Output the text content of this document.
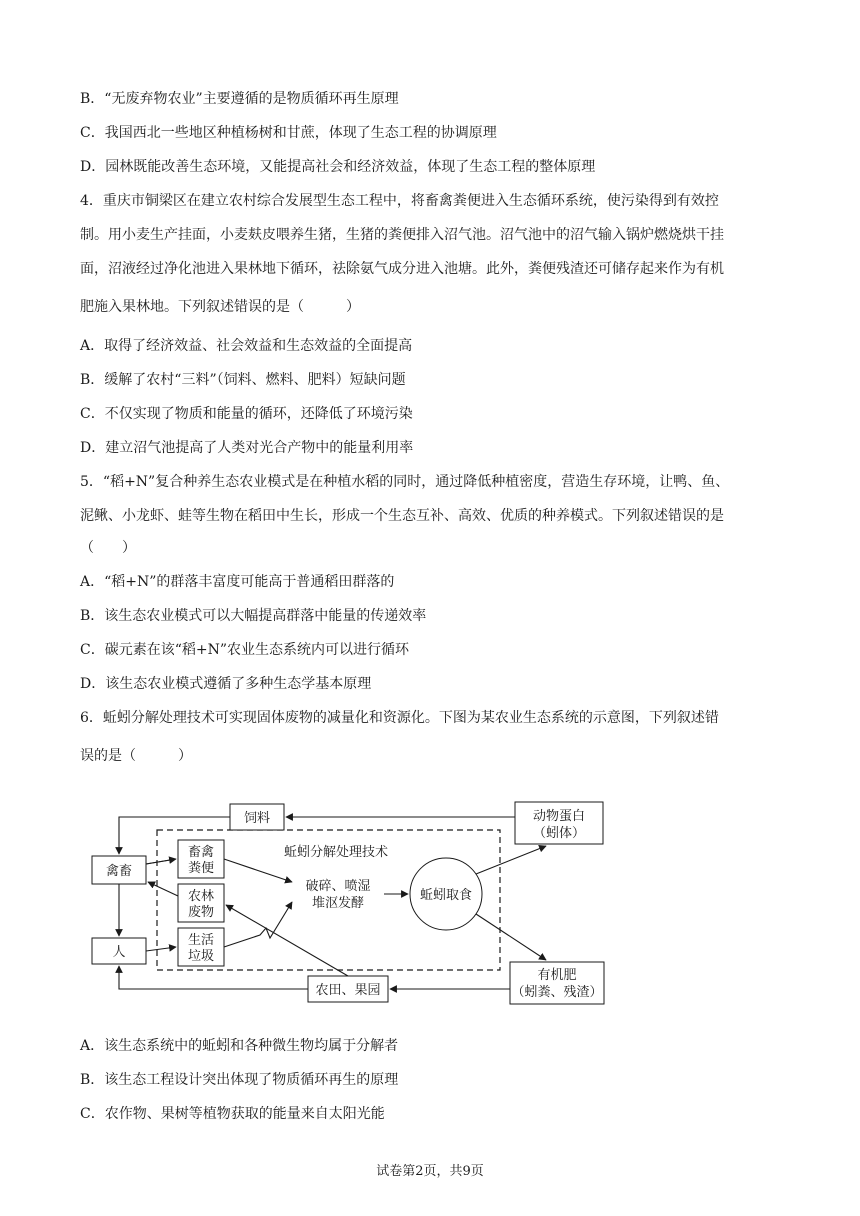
B．“无废弃物农业”主要遵循的是物质循环再生原理
C．我国西北一些地区种植杨树和甘蔗，体现了生态工程的协调原理
D．园林既能改善生态环境，又能提高社会和经济效益，体现了生态工程的整体原理
4．重庆市铜梁区在建立农村综合发展型生态工程中，将畜禽粪便进入生态循环系统，使污染得到有效控
制。用小麦生产挂面，小麦麸皮喂养生猪，生猪的粪便排入沼气池。沼气池中的沼气输入锅炉燃烧烘干挂
面，沼液经过净化池进入果林地下循环，祛除氨气成分进入池塘。此外，粪便残渣还可储存起来作为有机
肥施入果林地。下列叙述错误的是（　　　）
A．取得了经济效益、社会效益和生态效益的全面提高
B．缓解了农村“三料”（饲料、燃料、肥料）短缺问题
C．不仅实现了物质和能量的循环，还降低了环境污染
D．建立沼气池提高了人类对光合产物中的能量利用率
5．“稻+N”复合种养生态农业模式是在种植水稻的同时，通过降低种植密度，营造生存环境，让鸭、鱼、
泥鳅、小龙虾、蛙等生物在稻田中生长，形成一个生态互补、高效、优质的种养模式。下列叙述错误的是
（　　）
A．“稻+N”的群落丰富度可能高于普通稻田群落的
B．该生态农业模式可以大幅提高群落中能量的传递效率
C．碳元素在该“稻+N”农业生态系统内可以进行循环
D．该生态农业模式遵循了多种生态学基本原理
6．蚯蚓分解处理技术可实现固体废物的减量化和资源化。下图为某农业生态系统的示意图，下列叙述错
误的是（　　　）
蚯蚓分解处理技术
饲料	动物蛋白
（蚓体）
禽畜
畜禽
粪便
农林
废物
生活
垃圾
人
破碎、喷湿
堆沤发酵
蚯蚓取食
农田、果园
有机肥
（蚓粪、残渣）
A．该生态系统中的蚯蚓和各种微生物均属于分解者
B．该生态工程设计突出体现了物质循环再生的原理
C．农作物、果树等植物获取的能量来自太阳光能
试卷第2页，共9页
